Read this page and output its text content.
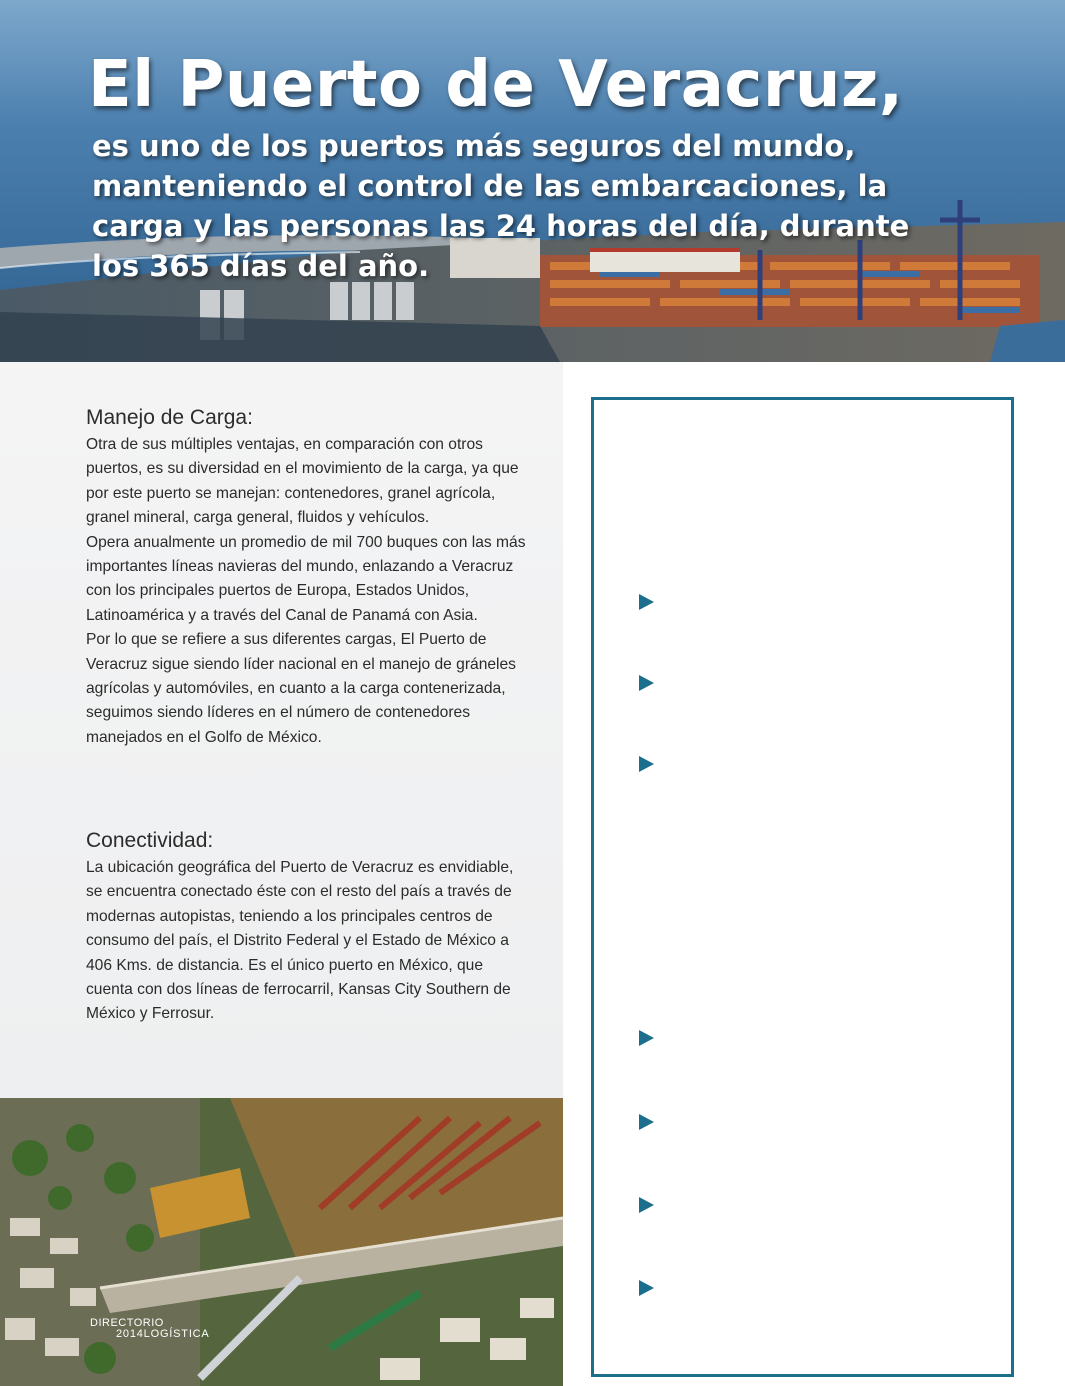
El Puerto de Veracruz,
es uno de los puertos más seguros del mundo, manteniendo el control de las embarcaciones, la carga y las personas las 24 horas del día, durante los 365 días del año.
Manejo de Carga:

Otra de sus múltiples ventajas, en comparación con otros puertos, es su diversidad en el movimiento de la carga, ya que por este puerto se manejan: contenedores, granel agrícola, granel mineral, carga general, fluidos y vehículos.
Opera anualmente un promedio de mil 700 buques con las más importantes líneas navieras del mundo, enlazando a Veracruz con los principales puertos de Europa, Estados Unidos, Latinoamérica y a través del Canal de Panamá con Asia.
Por lo que se refiere a sus diferentes cargas, El Puerto de Veracruz sigue siendo líder nacional en el manejo de gráneles agrícolas y automóviles, en cuanto a la carga contenerizada, seguimos siendo líderes en el número de contenedores manejados en el Golfo de México.

Conectividad:

La ubicación geográfica del Puerto de Veracruz es envidiable, se encuentra conectado éste con el resto del país a través de modernas autopistas, teniendo a los principales centros de consumo del país, el Distrito Federal y el Estado de México a 406 Kms. de distancia. Es el único puerto en México, que cuenta con dos líneas de ferrocarril, Kansas City Southern de México y Ferrosur.

DIRECTORIO
2014LOGÍSTICA
